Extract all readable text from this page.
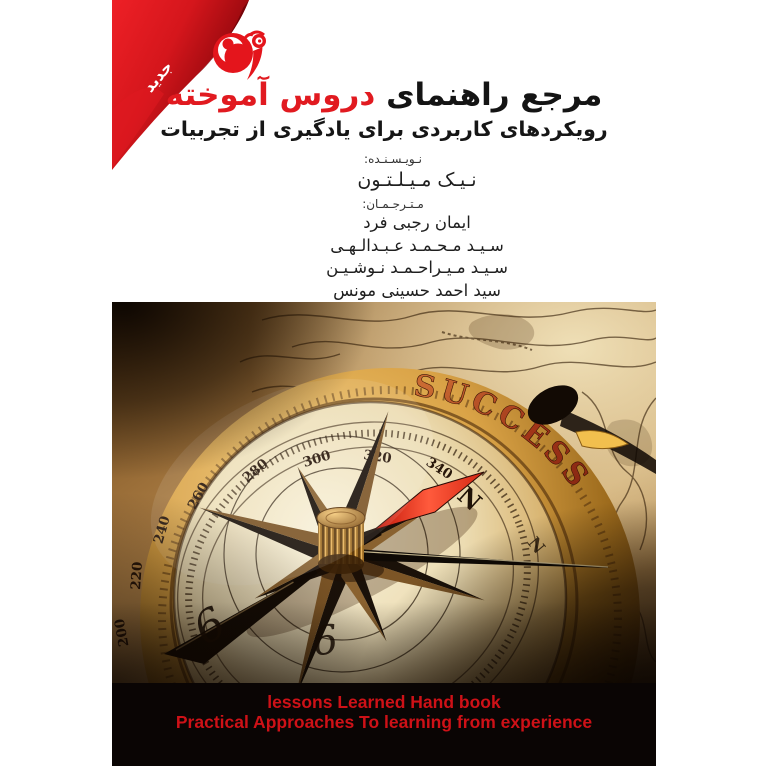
جدید	مرجع راهنمای دروس آموخته
رویکردهای کاربردی برای یادگیری از تجربیات
نـویـسـنـده:
نـیـک مـیـلـتـون
مـتـرجـمـان:
ایمان رجبی فرد
سـیـد مـحـمـد عـبـدالـهـی
سـیـد مـیـراحـمـد نـوشـیـن
سید احمد حسینی مونس
lessons Learned Hand book
Practical Approaches To learning from experience
